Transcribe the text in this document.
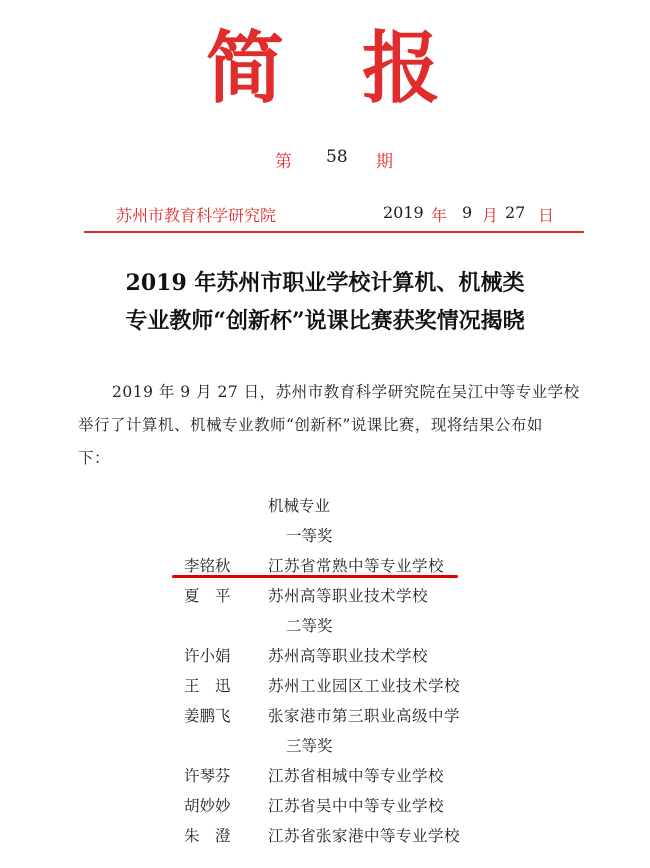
简 报
第 58 期
苏州市教育科学研究院	2019 年 9 月 27 日
2019 年苏州市职业学校计算机、机械类
专业教师“创新杯”说课比赛获奖情况揭晓
2019 年 9 月 27 日，苏州市教育科学研究院在吴江中等专业学校
举行了计算机、机械专业教师“创新杯”说课比赛，现将结果公布如
下：
机械专业
一等奖
李铭秋 江苏省常熟中等专业学校
夏　平 苏州高等职业技术学校
二等奖
许小娟 苏州高等职业技术学校
王　迅 苏州工业园区工业技术学校
姜鹏飞 张家港市第三职业高级中学
三等奖
许琴芬 江苏省相城中等专业学校
胡妙妙 江苏省吴中中等专业学校
朱　澄 江苏省张家港中等专业学校
